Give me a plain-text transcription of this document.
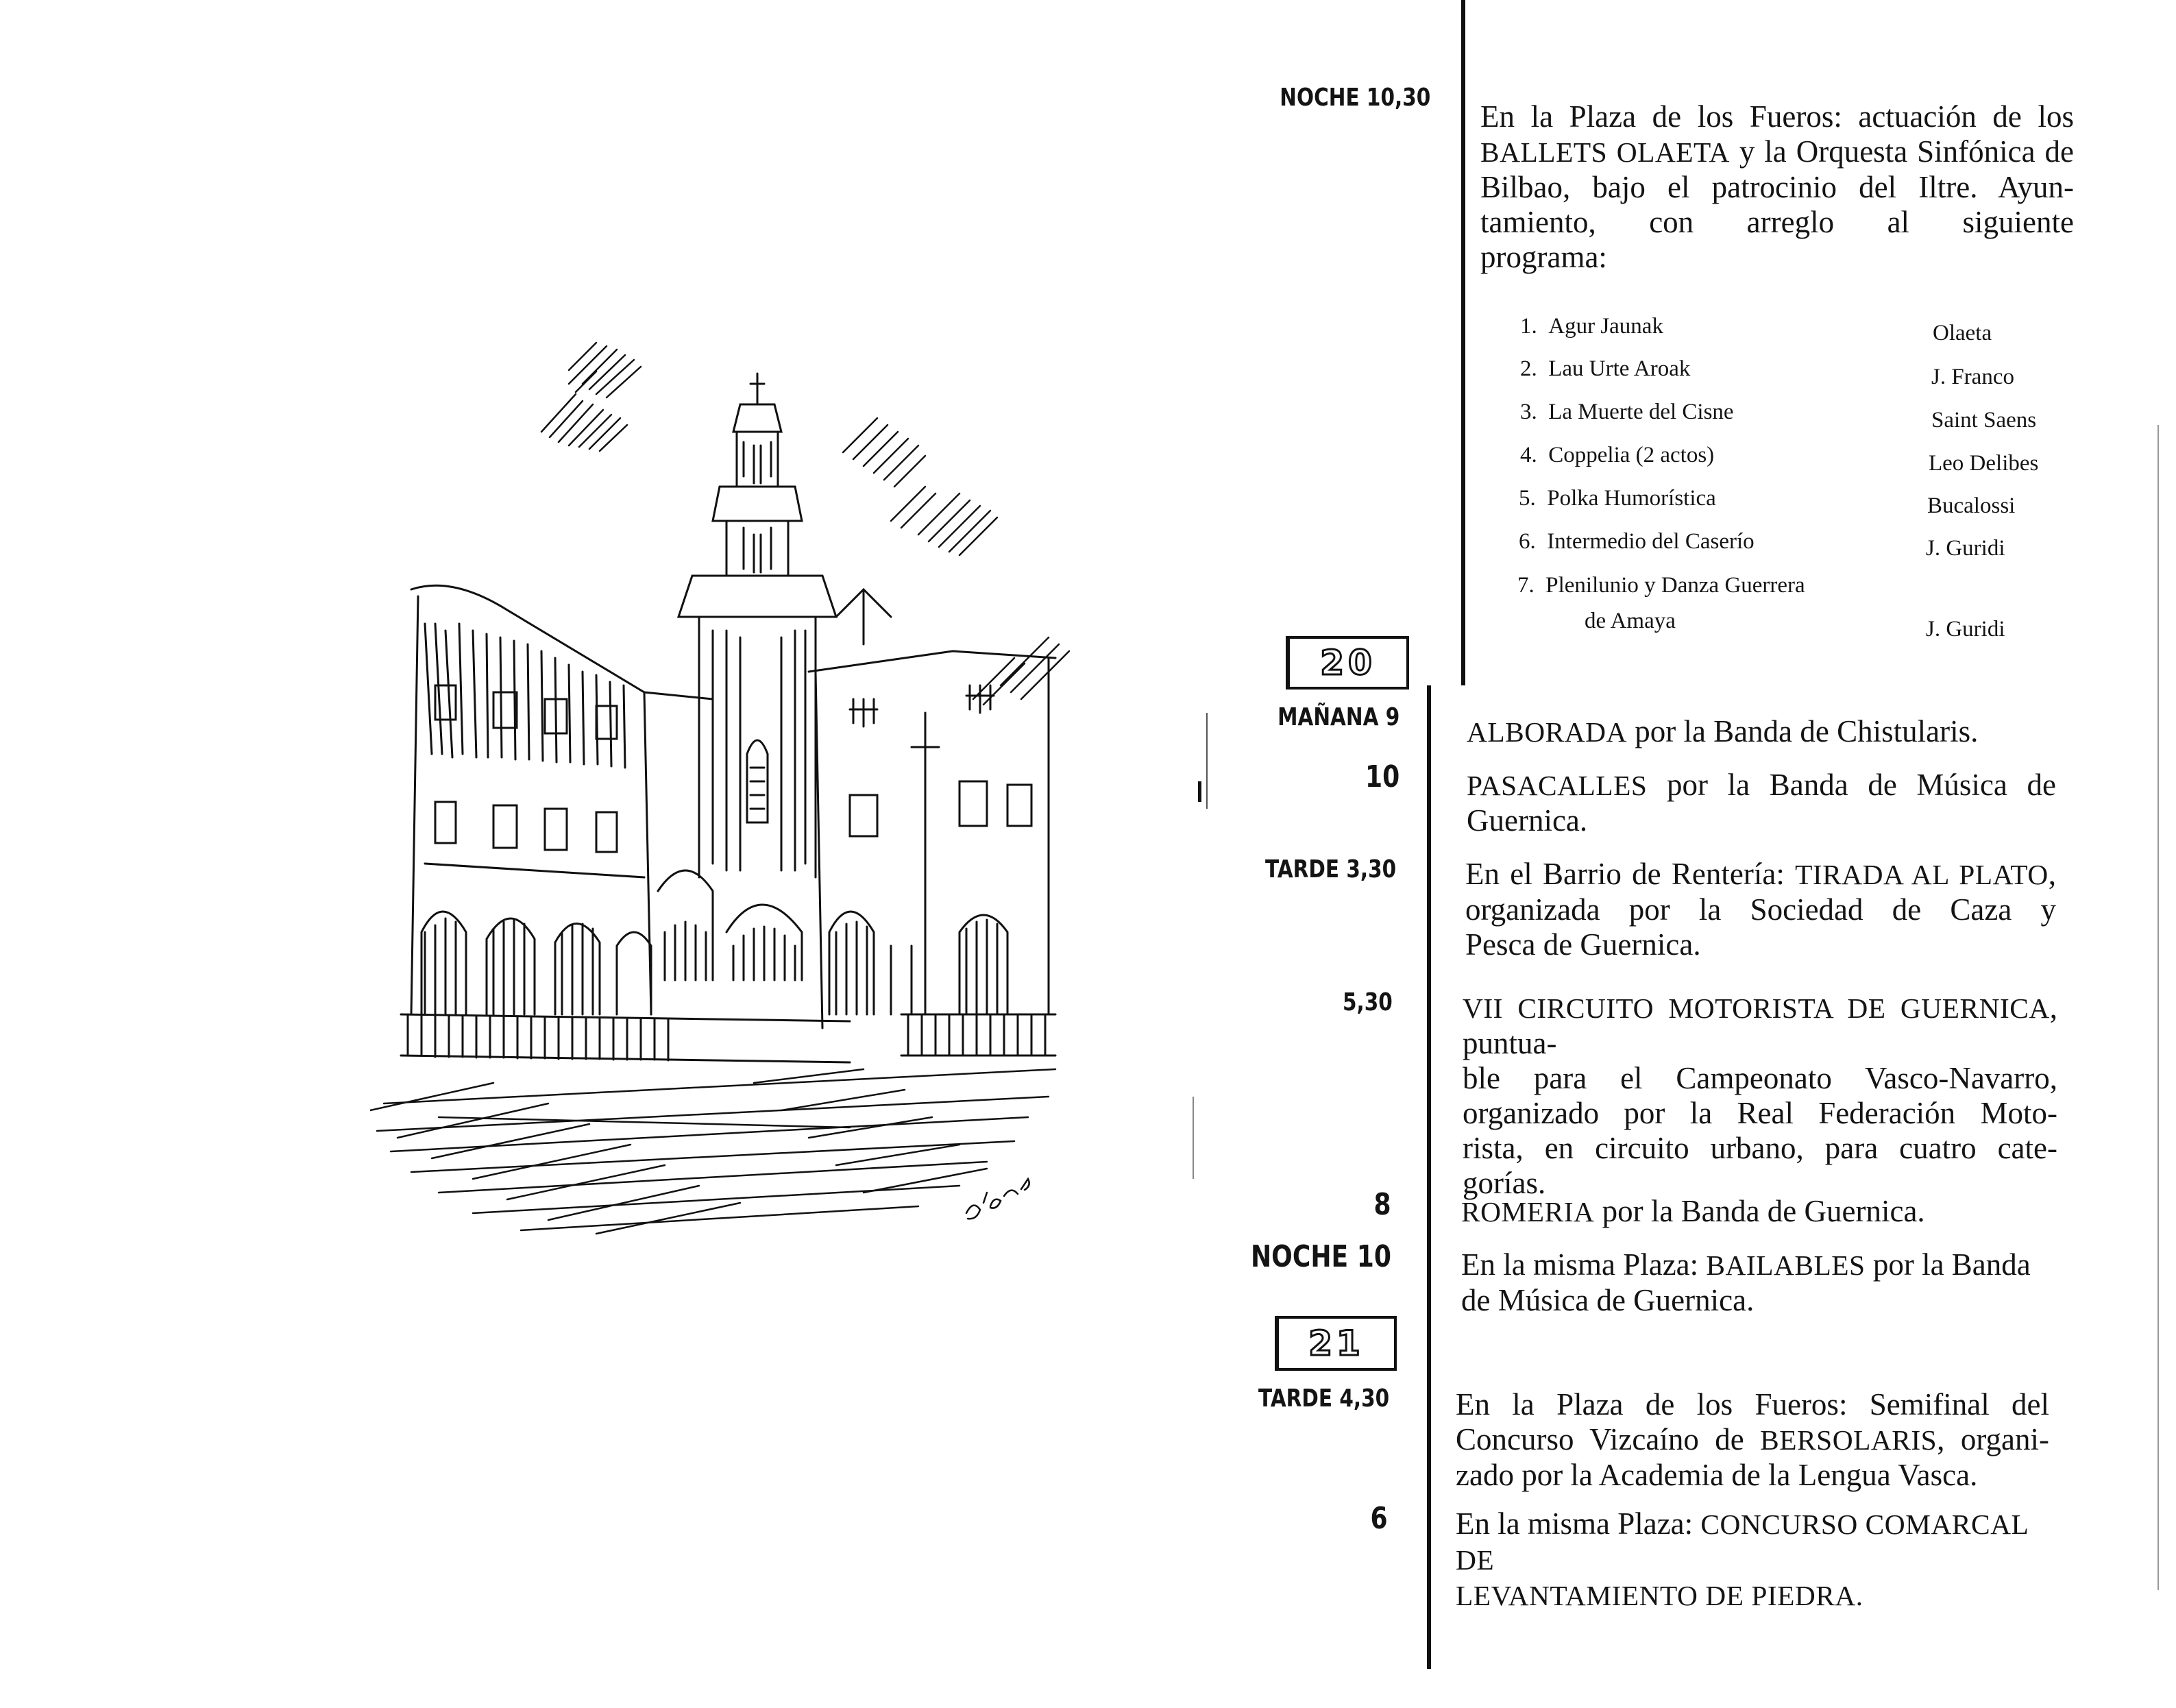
NOCHE 10,30
En la Plaza de los Fueros: actuación de los
BALLETS OLAETA y la Orquesta Sinfónica de
Bilbao, bajo el patrocinio del Iltre. Ayun-
tamiento, con arreglo al siguiente
programa:
1. Agur Jaunak	Olaeta
2. Lau Urte Aroak	J. Franco
3. La Muerte del Cisne	Saint Saens
4. Coppelia (2 actos)	Leo Delibes
5. Polka Humorística	Bucalossi
6. Intermedio del Caserío	J. Guridi
7. Plenilunio y Danza Guerrera
de Amaya	J. Guridi
20
MAÑANA 9 ALBORADA por la Banda de Chistularis.
10 PASACALLES por la Banda de Música de
Guernica.
TARDE 3,30 En el Barrio de Rentería: TIRADA AL PLATO,
organizada por la Sociedad de Caza y
Pesca de Guernica.
5,30 VII CIRCUITO MOTORISTA DE GUERNICA, puntua-
ble para el Campeonato Vasco-Navarro,
organizado por la Real Federación Moto-
rista, en circuito urbano, para cuatro cate-
gorías.
8 ROMERIA por la Banda de Guernica.
NOCHE 10 En la misma Plaza: BAILABLES por la Banda
de Música de Guernica.
21
TARDE 4,30 En la Plaza de los Fueros: Semifinal del
Concurso Vizcaíno de BERSOLARIS, organi-
zado por la Academia de la Lengua Vasca.
6 En la misma Plaza: CONCURSO COMARCAL DE
LEVANTAMIENTO DE PIEDRA.
